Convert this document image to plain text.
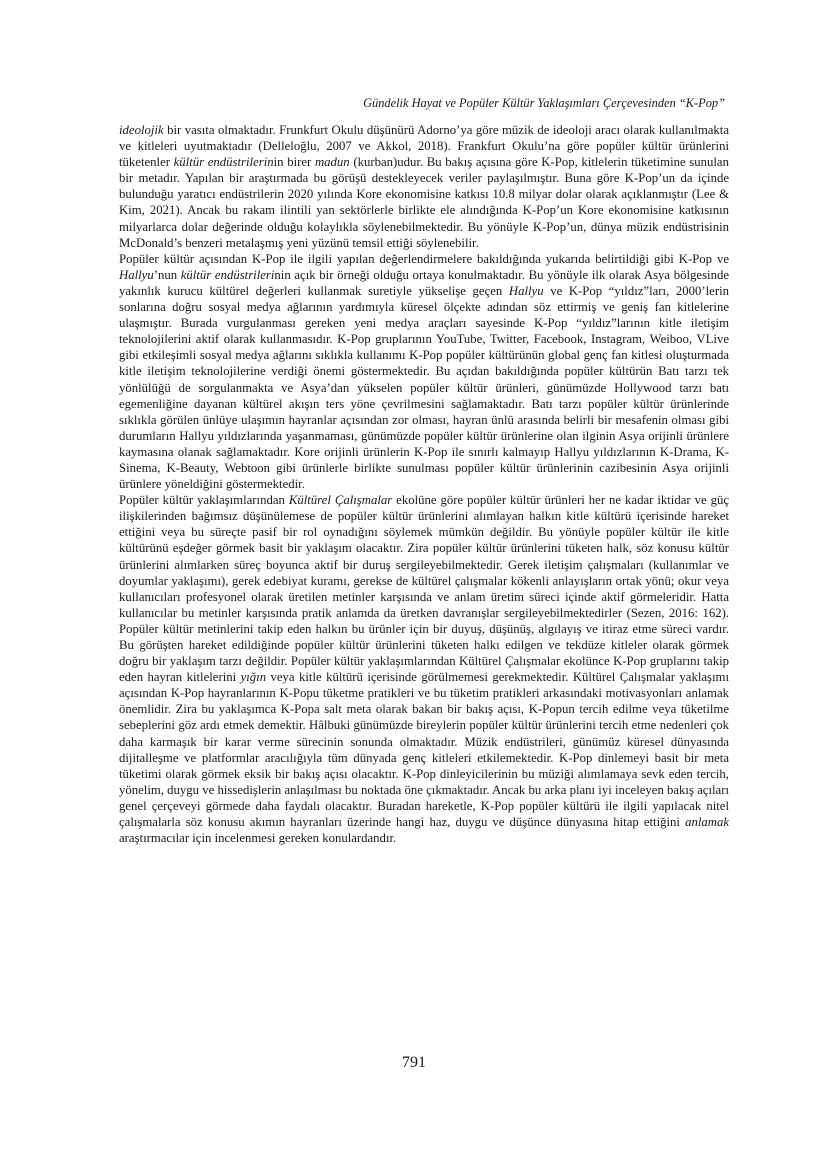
Gündelik Hayat ve Popüler Kültür Yaklaşımları Çerçevesinden “K-Pop”

ideolojik bir vasıta olmaktadır. Frunkfurt Okulu düşünürü Adorno’ya göre müzik de ideoloji aracı olarak kullanılmakta ve kitleleri uyutmaktadır (Delleloğlu, 2007 ve Akkol, 2018). Frankfurt Okulu’na göre popüler kültür ürünlerini tüketenler kültür endüstrilerinin birer madun (kurban)udur. Bu bakış açısına göre K-Pop, kitlelerin tüketimine sunulan bir metadır. Yapılan bir araştırmada bu görüşü destekleyecek veriler paylaşılmıştır. Buna göre K-Pop’un da içinde bulunduğu yaratıcı endüstrilerin 2020 yılında Kore ekonomisine katkısı 10.8 milyar dolar olarak açıklanmıştır (Lee & Kim, 2021). Ancak bu rakam ilintili yan sektörlerle birlikte ele alındığında K-Pop’un Kore ekonomisine katkısının milyarlarca dolar değerinde olduğu kolaylıkla söylenebilmektedir. Bu yönüyle K-Pop’un, dünya müzik endüstrisinin McDonald’s benzeri metalaşmış yeni yüzünü temsil ettiği söylenebilir.

Popüler kültür açısından K-Pop ile ilgili yapılan değerlendirmelere bakıldığında yukarıda belirtildiği gibi K-Pop ve Hallyu’nun kültür endüstrilerinin açık bir örneği olduğu ortaya konulmaktadır. Bu yönüyle ilk olarak Asya bölgesinde yakınlık kurucu kültürel değerleri kullanmak suretiyle yükselişe geçen Hallyu ve K-Pop “yıldız”ları, 2000’lerin sonlarına doğru sosyal medya ağlarının yardımıyla küresel ölçekte adından söz ettirmiş ve geniş fan kitlelerine ulaşmıştır. Burada vurgulanması gereken yeni medya araçları sayesinde K-Pop “yıldız”larının kitle iletişim teknolojilerini aktif olarak kullanmasıdır. K-Pop gruplarının YouTube, Twitter, Facebook, Instagram, Weiboo, VLive gibi etkileşimli sosyal medya ağlarını sıklıkla kullanımı K-Pop popüler kültürünün global genç fan kitlesi oluşturmada kitle iletişim teknolojilerine verdiği önemi göstermektedir. Bu açıdan bakıldığında popüler kültürün Batı tarzı tek yönlülüğü de sorgulanmakta ve Asya’dan yükselen popüler kültür ürünleri, günümüzde Hollywood tarzı batı egemenliğine dayanan kültürel akışın ters yöne çevrilmesini sağlamaktadır. Batı tarzı popüler kültür ürünlerinde sıklıkla görülen ünlüye ulaşımın hayranlar açısından zor olması, hayran ünlü arasında belirli bir mesafenin olması gibi durumların Hallyu yıldızlarında yaşanmaması, günümüzde popüler kültür ürünlerine olan ilginin Asya orijinli ürünlere kaymasına olanak sağlamaktadır. Kore orijinli ürünlerin K-Pop ile sınırlı kalmayıp Hallyu yıldızlarının K-Drama, K-Sinema, K-Beauty, Webtoon gibi ürünlerle birlikte sunulması popüler kültür ürünlerinin cazibesinin Asya orijinli ürünlere yöneldiğini göstermektedir.

Popüler kültür yaklaşımlarından Kültürel Çalışmalar ekolüne göre popüler kültür ürünleri her ne kadar iktidar ve güç ilişkilerinden bağımsız düşünülemese de popüler kültür ürünlerini alımlayan halkın kitle kültürü içerisinde hareket ettiğini veya bu süreçte pasif bir rol oynadığını söylemek mümkün değildir. Bu yönüyle popüler kültür ile kitle kültürünü eşdeğer görmek basit bir yaklaşım olacaktır. Zira popüler kültür ürünlerini tüketen halk, söz konusu kültür ürünlerini alımlarken süreç boyunca aktif bir duruş sergileyebilmektedir. Gerek iletişim çalışmaları (kullanımlar ve doyumlar yaklaşımı), gerek edebiyat kuramı, gerekse de kültürel çalışmalar kökenli anlayışların ortak yönü; okur veya kullanıcıları profesyonel olarak üretilen metinler karşısında ve anlam üretim süreci içinde aktif görmeleridir. Hatta kullanıcılar bu metinler karşısında pratik anlamda da üretken davranışlar sergileyebilmektedirler (Sezen, 2016: 162). Popüler kültür metinlerini takip eden halkın bu ürünler için bir duyuş, düşünüş, algılayış ve itiraz etme süreci vardır. Bu görüşten hareket edildiğinde popüler kültür ürünlerini tüketen halkı edilgen ve tekdüze kitleler olarak görmek doğru bir yaklaşım tarzı değildir. Popüler kültür yaklaşımlarından Kültürel Çalışmalar ekolünce K-Pop gruplarını takip eden hayran kitlelerini yığın veya kitle kültürü içerisinde görülmemesi gerekmektedir. Kültürel Çalışmalar yaklaşımı açısından K-Pop hayranlarının K-Popu tüketme pratikleri ve bu tüketim pratikleri arkasındaki motivasyonları anlamak önemlidir. Zira bu yaklaşımca K-Popa salt meta olarak bakan bir bakış açısı, K-Popun tercih edilme veya tüketilme sebeplerini göz ardı etmek demektir. Hâlbuki günümüzde bireylerin popüler kültür ürünlerini tercih etme nedenleri çok daha karmaşık bir karar verme sürecinin sonunda olmaktadır. Müzik endüstrileri, günümüz küresel dünyasında dijitalleşme ve platformlar aracılığıyla tüm dünyada genç kitleleri etkilemektedir. K-Pop dinlemeyi basit bir meta tüketimi olarak görmek eksik bir bakış açısı olacaktır. K-Pop dinleyicilerinin bu müziği alımlamaya sevk eden tercih, yönelim, duygu ve hissedişlerin anlaşılması bu noktada öne çıkmaktadır. Ancak bu arka planı iyi inceleyen bakış açıları genel çerçeveyi görmede daha faydalı olacaktır. Buradan hareketle, K-Pop popüler kültürü ile ilgili yapılacak nitel çalışmalarla söz konusu akımın hayranları üzerinde hangi haz, duygu ve düşünce dünyasına hitap ettiğini anlamak araştırmacılar için incelenmesi gereken konulardandır.

791
